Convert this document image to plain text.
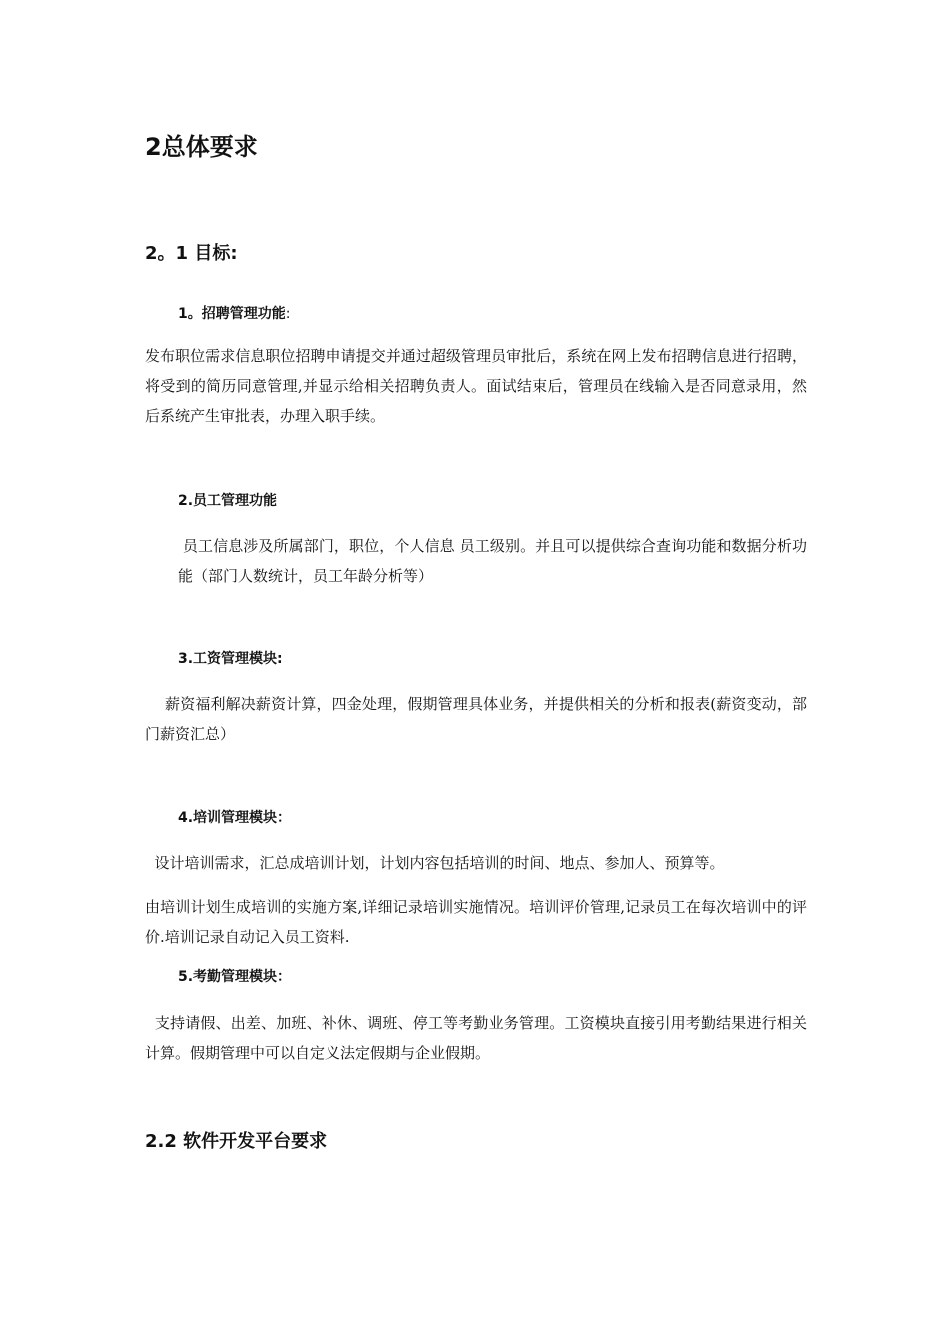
2总体要求
2。1 目标:
1。招聘管理功能:

发布职位需求信息职位招聘申请提交并通过超级管理员审批后，系统在网上发布招聘信息进行招聘，将受到的简历同意管理,并显示给相关招聘负责人。面试结束后，管理员在线输入是否同意录用，然后系统产生审批表，办理入职手续。

2.员工管理功能

员工信息涉及所属部门，职位，个人信息 员工级别。并且可以提供综合查询功能和数据分析功能（部门人数统计，员工年龄分析等）

3.工资管理模块:

　 薪资福利解决薪资计算，四金处理，假期管理具体业务，并提供相关的分析和报表(薪资变动，部门薪资汇总）

4.培训管理模块：

设计培训需求，汇总成培训计划，计划内容包括培训的时间、地点、参加人、预算等。

由培训计划生成培训的实施方案,详细记录培训实施情况。培训评价管理,记录员工在每次培训中的评价.培训记录自动记入员工资料.

5.考勤管理模块：

支持请假、出差、加班、补休、调班、停工等考勤业务管理。工资模块直接引用考勤结果进行相关计算。假期管理中可以自定义法定假期与企业假期。

2.2 软件开发平台要求
